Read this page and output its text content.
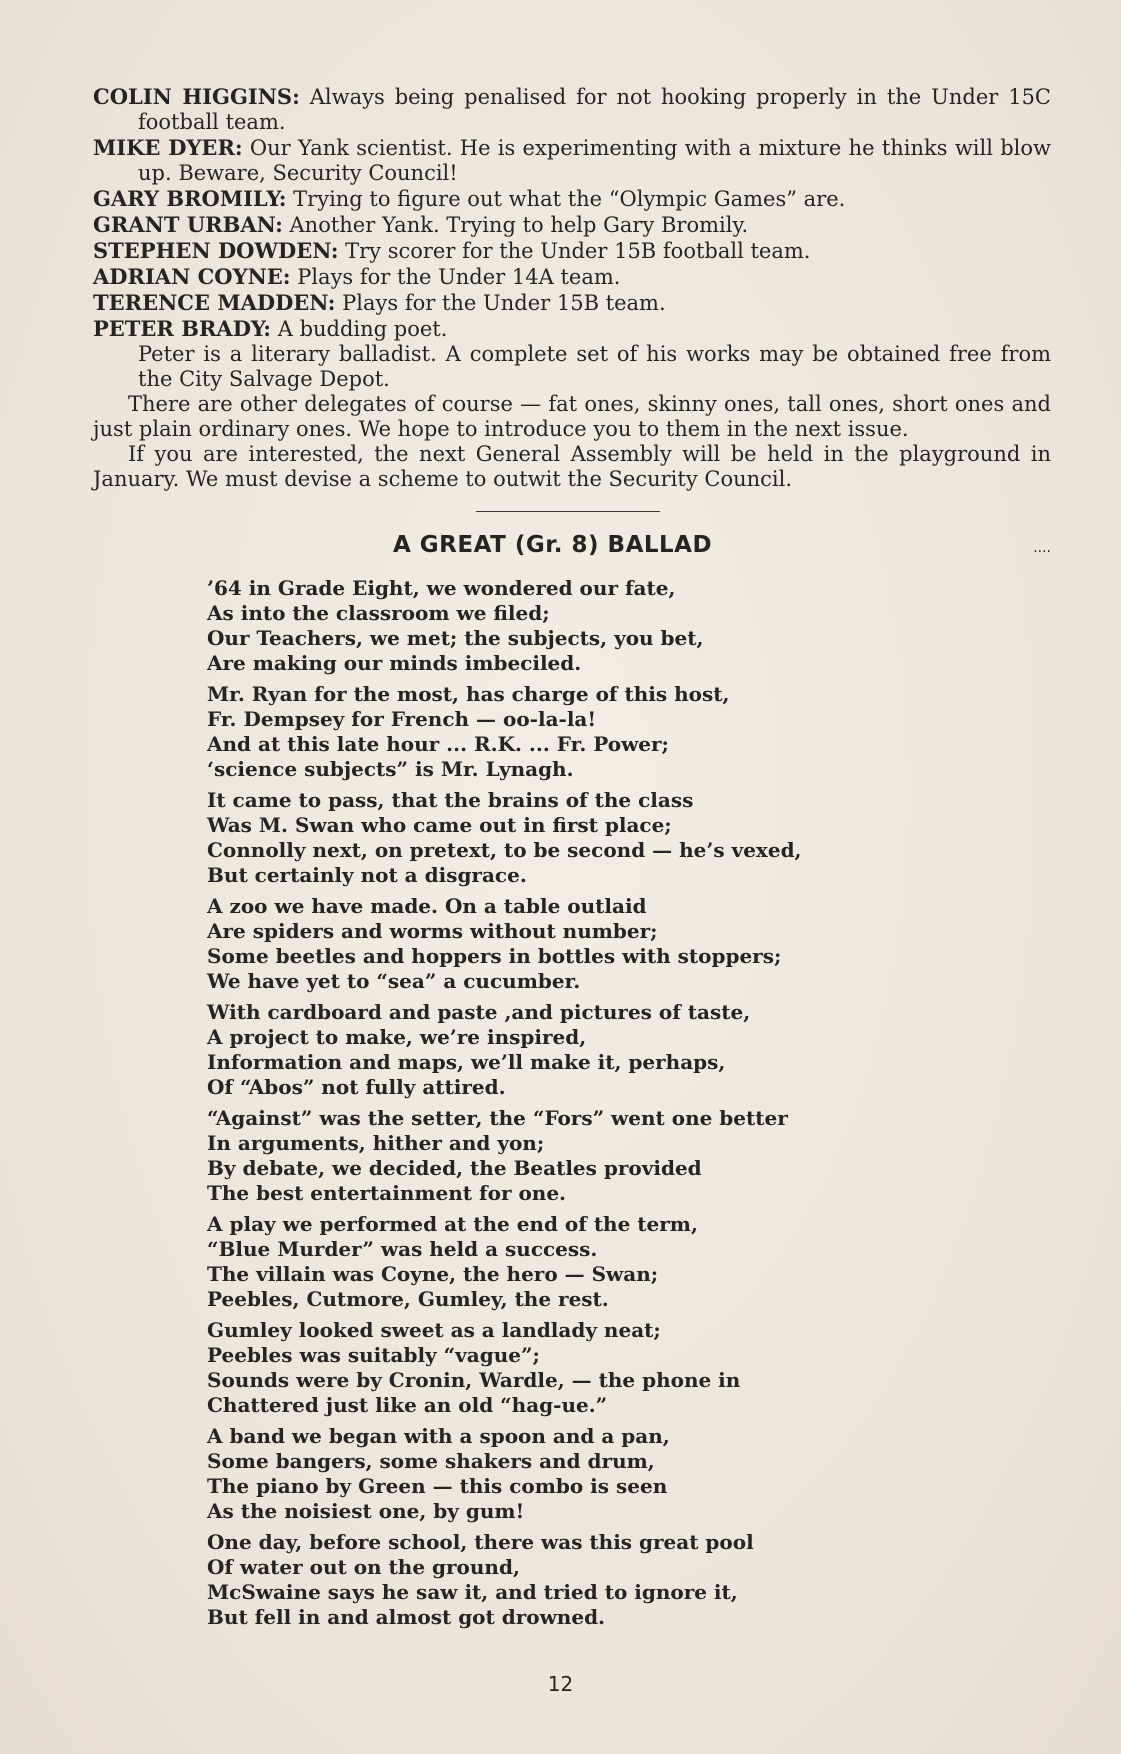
COLIN HIGGINS: Always being penalised for not hooking properly in the Under 15C football team.

MIKE DYER: Our Yank scientist. He is experimenting with a mixture he thinks will blow up. Beware, Security Council!

GARY BROMILY: Trying to figure out what the “Olympic Games” are.

GRANT URBAN: Another Yank. Trying to help Gary Bromily.

STEPHEN DOWDEN: Try scorer for the Under 15B football team.

ADRIAN COYNE: Plays for the Under 14A team.

TERENCE MADDEN: Plays for the Under 15B team.

PETER BRADY: A budding poet.

Peter is a literary balladist. A complete set of his works may be obtained free from the City Salvage Depot.

There are other delegates of course — fat ones, skinny ones, tall ones, short ones and just plain ordinary ones. We hope to introduce you to them in the next issue.

If you are interested, the next General Assembly will be held in the playground in January. We must devise a scheme to outwit the Security Council.

A GREAT (Gr. 8) BALLAD	....
’64 in Grade Eight, we wondered our fate,
As into the classroom we filed;
Our Teachers, we met; the subjects, you bet,
Are making our minds imbeciled.
Mr. Ryan for the most, has charge of this host,
Fr. Dempsey for French — oo-la-la!
And at this late hour ... R.K. ... Fr. Power;
‘science subjects” is Mr. Lynagh.
It came to pass, that the brains of the class
Was M. Swan who came out in first place;
Connolly next, on pretext, to be second — he’s vexed,
But certainly not a disgrace.
A zoo we have made. On a table outlaid
Are spiders and worms without number;
Some beetles and hoppers in bottles with stoppers;
We have yet to “sea” a cucumber.
With cardboard and paste ,and pictures of taste,
A project to make, we’re inspired,
Information and maps, we’ll make it, perhaps,
Of “Abos” not fully attired.
“Against” was the setter, the “Fors” went one better
In arguments, hither and yon;
By debate, we decided, the Beatles provided
The best entertainment for one.
A play we performed at the end of the term,
“Blue Murder” was held a success.
The villain was Coyne, the hero — Swan;
Peebles, Cutmore, Gumley, the rest.
Gumley looked sweet as a landlady neat;
Peebles was suitably “vague”;
Sounds were by Cronin, Wardle, — the phone in
Chattered just like an old “hag-ue.”
A band we began with a spoon and a pan,
Some bangers, some shakers and drum,
The piano by Green — this combo is seen
As the noisiest one, by gum!
One day, before school, there was this great pool
Of water out on the ground,
McSwaine says he saw it, and tried to ignore it,
But fell in and almost got drowned.
12
